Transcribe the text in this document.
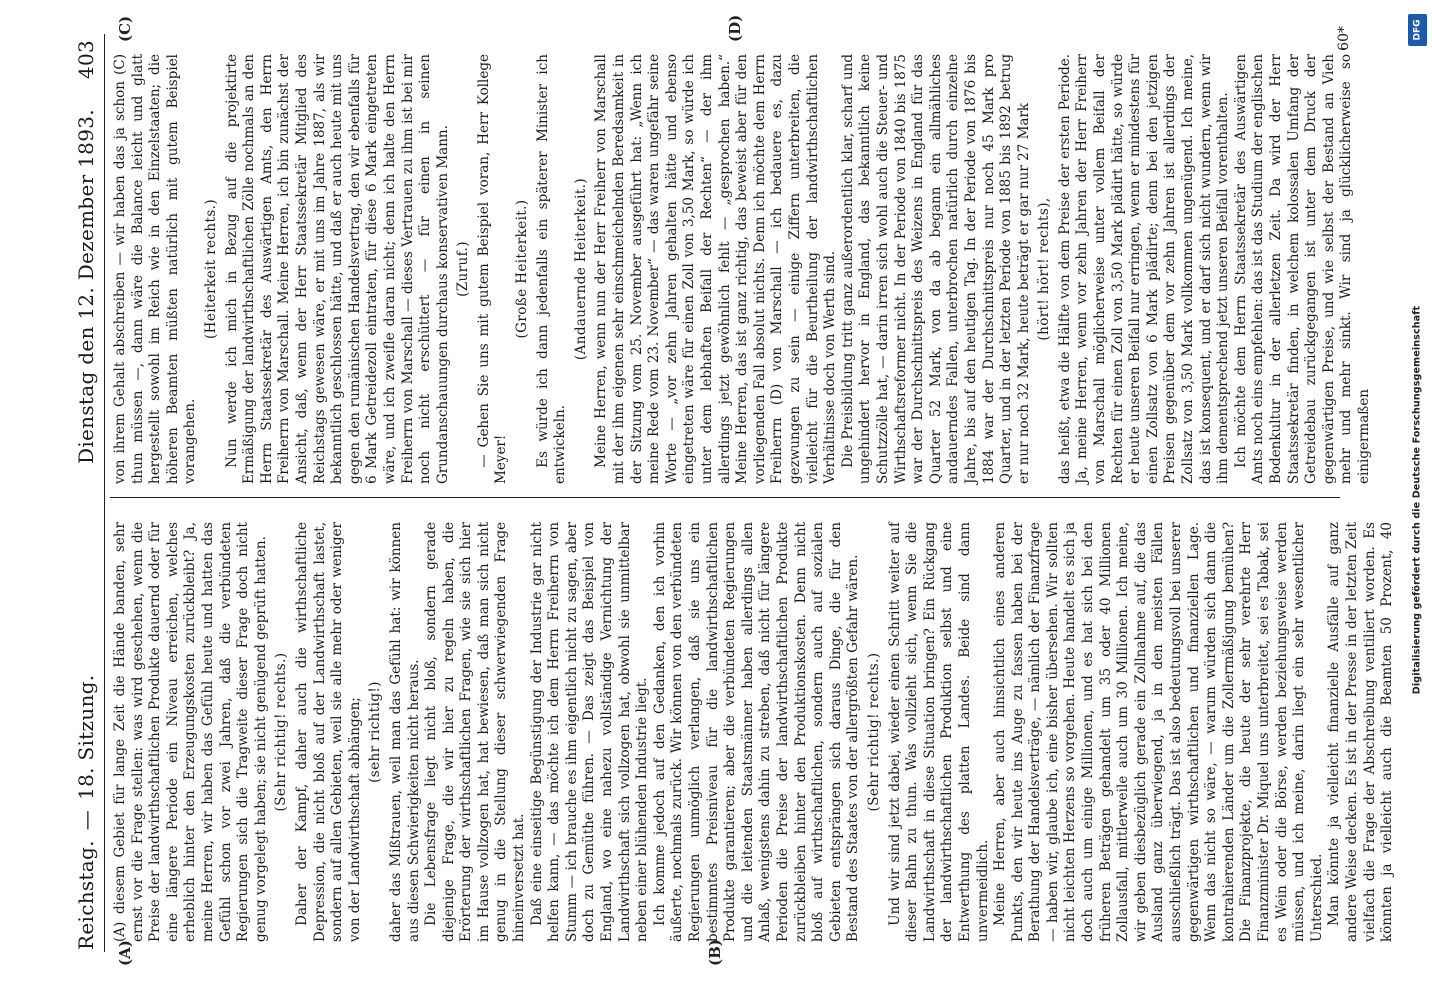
Reichstag.—18. Sitzung.
Dienstag den 12. Dezember 1893.403
(A)	(B)
(C)	(D)

(A) diesem Gebiet für lange Zeit die Hände banden, sehr ernst vor die Frage stellen: was wird geschehen, wenn die Preise der landwirthschaftlichen Produkte dauernd oder für eine längere Periode ein Niveau erreichen, welches erheblich hinter den Erzeugungskosten zurückbleibt? Ja, meine Herren, wir haben das Gefühl heute und hatten das Gefühl schon vor zwei Jahren, daß die verbündeten Regierungen sich die Tragweite dieser Frage doch nicht genug vorgelegt haben; sie nicht genügend geprüft hatten. (Sehr richtig! rechts.) Daher der Kampf, daher auch die wirthschaftliche Depression, die nicht bloß auf der Landwirthschaft lastet, sondern auf allen Gebieten, weil sie alle mehr oder weniger von der Landwirthschaft abhängen; (sehr richtig!) daher das Mißtrauen, weil man das Gefühl hat: wir können aus diesen Schwierigkeiten nicht heraus. Die Lebensfrage liegt nicht bloß, sondern gerade diejenige Frage, die wir hier zu regeln haben, die Erörterung der wirthschaftlichen Fragen, wie sie sich hier im Hause vollzogen hat, hat bewiesen, daß man sich nicht genug in die Stellung dieser schwerwiegenden Frage hineinversetzt hat. Daß eine einseitige Begünstigung der Industrie gar nicht helfen kann, — das möchte ich dem Herrn Freiherrn von Stumm — ich brauche es ihm eigentlich nicht zu sagen, aber doch zu Gemüthe führen. — Das zeigt das Beispiel von England, wo eine nahezu vollständige Vernichtung der Landwirthschaft sich vollzogen hat, obwohl sie unmittelbar neben einer blühenden Industrie liegt. Ich komme jedoch auf den Gedanken, den ich vorhin äußerte, nochmals zurück. Wir können von den verbündeten Regierungen unmöglich verlangen, daß sie uns ein bestimmtes Preisniveau für die landwirthschaftlichen Produkte garantieren; aber die verbündeten Regierungen und die leitenden Staatsmänner haben allerdings allen Anlaß, wenigstens dahin zu streben, daß nicht für längere Perioden die Preise der landwirthschaftlichen Produkte zurückbleiben hinter den Produktionskosten. Denn nicht bloß auf wirthschaftlichen, sondern auch auf sozialen Gebieten entsprängen sich daraus Dinge, die für den Bestand des Staates von der allergrößten Gefahr wären. (Sehr richtig! rechts.) Und wir sind jetzt dabei, wieder einen Schritt weiter auf dieser Bahn zu thun. Was vollzieht sich, wenn Sie die Landwirthschaft in diese Situation bringen? Ein Rückgang der landwirthschaftlichen Produktion selbst und eine Entwerthung des platten Landes. Beide sind dann unvermeidlich. Meine Herren, aber auch hinsichtlich eines anderen Punkts, den wir heute ins Auge zu fassen haben bei der Berathung der Handelsverträge, — nämlich der Finanzfrage — haben wir, glaube ich, eine bisher übersehen. Wir sollten nicht leichten Herzens so vorgehen. Heute handelt es sich ja doch auch um einige Millionen, und es hat sich bei den früheren Beträgen gehandelt um 35 oder 40 Millionen Zollausfall, mittlerweile auch um 30 Millionen. Ich meine, wir geben diesbezüglich gerade ein Zollnahme auf, die das Ausland ganz überwiegend, ja in den meisten Fällen ausschließlich trägt. Das ist also bedeutungsvoll bei unserer gegenwärtigen wirthschaftlichen und finanziellen Lage. Wenn das nicht so wäre, — warum würden sich dann die kontrahierenden Länder um die Zollermäßigung bemühen? Die Finanzprojekte, die heute der sehr verehrte Herr Finanzminister Dr. Miquel uns unterbreitet, sei es Tabak, sei es Wein oder die Börse, werden beziehungsweise werden müssen, und ich meine, darin liegt ein sehr wesentlicher Unterschied. Man könnte ja vielleicht finanzielle Ausfälle auf ganz andere Weise decken. Es ist in der Presse in der letzten Zeit vielfach die Frage der Abschreibung ventiliert worden. Es könnten ja vielleicht auch die Beamten 50 Prozent, 40

von ihrem Gehalt abschreiben — wir haben das ja schon (C) thun müssen —, dann wäre die Balance leicht und glatt hergestellt sowohl im Reich wie in den Einzelstaaten; die höheren Beamten müßten natürlich mit gutem Beispiel vorangehen.

(Heiterkeit rechts.) Nun werde ich mich in Bezug auf die projektirte Ermäßigung der landwirthschaftlichen Zölle nochmals an den Herrn Staatssekretär des Auswärtigen Amts, den Herrn Freiherrn von Marschall. Meine Herren, ich bin zunächst der Ansicht, daß, wenn der Herr Staatssekretär Mitglied des Reichstags gewesen wäre, er mit uns im Jahre 1887, als wir bekanntlich geschlossen hätte, und daß er auch heute mit uns gegen den rumänischen Handelsvertrag, den wir ebenfalls für 6 Mark Getreidezoll eintraten, für diese 6 Mark eingetreten wäre, und ich zweifle daran nicht; denn ich halte den Herrn Freiherrn von Marschall — dieses Vertrauen zu ihm ist bei mir noch nicht erschüttert — für einen in seinen Grundanschauungen durchaus konservativen Mann. (Zuruf.) — Gehen Sie uns mit gutem Beispiel voran, Herr Kollege Meyer!

(Große Heiterkeit.) Es würde ich dann jedenfalls ein späterer Minister ich entwickeln.

(Andauernde Heiterkeit.) Meine Herren, wenn nun der Herr Freiherr von Marschall mit der ihm eigenen sehr einschmeichelnden Beredsamkeit in der Sitzung vom 25. November ausgeführt hat: „Wenn ich meine Rede vom 23. November“ — das waren ungefähr seine Worte — „vor zehn Jahren gehalten hätte und ebenso eingetreten wäre für einen Zoll von 3,50 Mark, so würde ich unter dem lebhaften Beifall der Rechten“ — der ihm allerdings jetzt gewöhnlich fehlt — „gesprochen haben.“ Meine Herren, das ist ganz richtig, das beweist aber für den vorliegenden Fall absolut nichts. Denn ich möchte dem Herrn Freiherrn (D) von Marschall — ich bedauere es, dazu gezwungen zu sein — einige Ziffern unterbreiten, die vielleicht für die Beurtheilung der landwirthschaftlichen Verhältnisse doch von Werth sind. Die Preisbildung tritt ganz außerordentlich klar, scharf und ungehindert hervor in England, das bekanntlich keine Schutzzölle hat, — darin irren sich wohl auch die Steuer- und Wirthschaftsreformer nicht. In der Periode von 1840 bis 1875 war der Durchschnittspreis des Weizens in England für das Quarter 52 Mark, von da ab begann ein allmähliches andauerndes Fallen, unterbrochen natürlich durch einzelne Jahre, bis auf den heutigen Tag. In der Periode von 1876 bis 1884 war der Durchschnittspreis nur noch 45 Mark pro Quarter, und in der letzten Periode von 1885 bis 1892 betrug er nur noch 32 Mark, heute beträgt er gar nur 27 Mark (hört! hört! rechts), das heißt, etwa die Hälfte von dem Preise der ersten Periode. Ja, meine Herren, wenn vor zehn Jahren der Herr Freiherr von Marschall möglicherweise unter vollem Beifall der Rechten für einen Zoll von 3,50 Mark plädirt hätte, so würde er heute unseren Beifall nur erringen, wenn er mindestens für einen Zollsatz von 6 Mark plädirte; denn bei den jetzigen Preisen gegenüber dem vor zehn Jahren ist allerdings der Zollsatz von 3,50 Mark vollkommen ungenügend. Ich meine, das ist konsequent, und er darf sich nicht wundern, wenn wir ihm dementsprechend jetzt unseren Beifall vorenthalten. Ich möchte dem Herrn Staatssekretär des Auswärtigen Amts noch eins empfehlen: das ist das Studium der englischen Bodenkultur in der allerletzen Zeit. Da wird der Herr Staatssekretär finden, in welchem kolossalen Umfang der Getreidebau zurückgegangen ist unter dem Druck der gegenwärtigen Preise, und wie selbst der Bestand an Vieh mehr und mehr sinkt. Wir sind ja glücklicherweise so einigermaßen

60*
Digitalisierung gefördert durch die Deutsche Forschungsgemeinschaft
DFG
